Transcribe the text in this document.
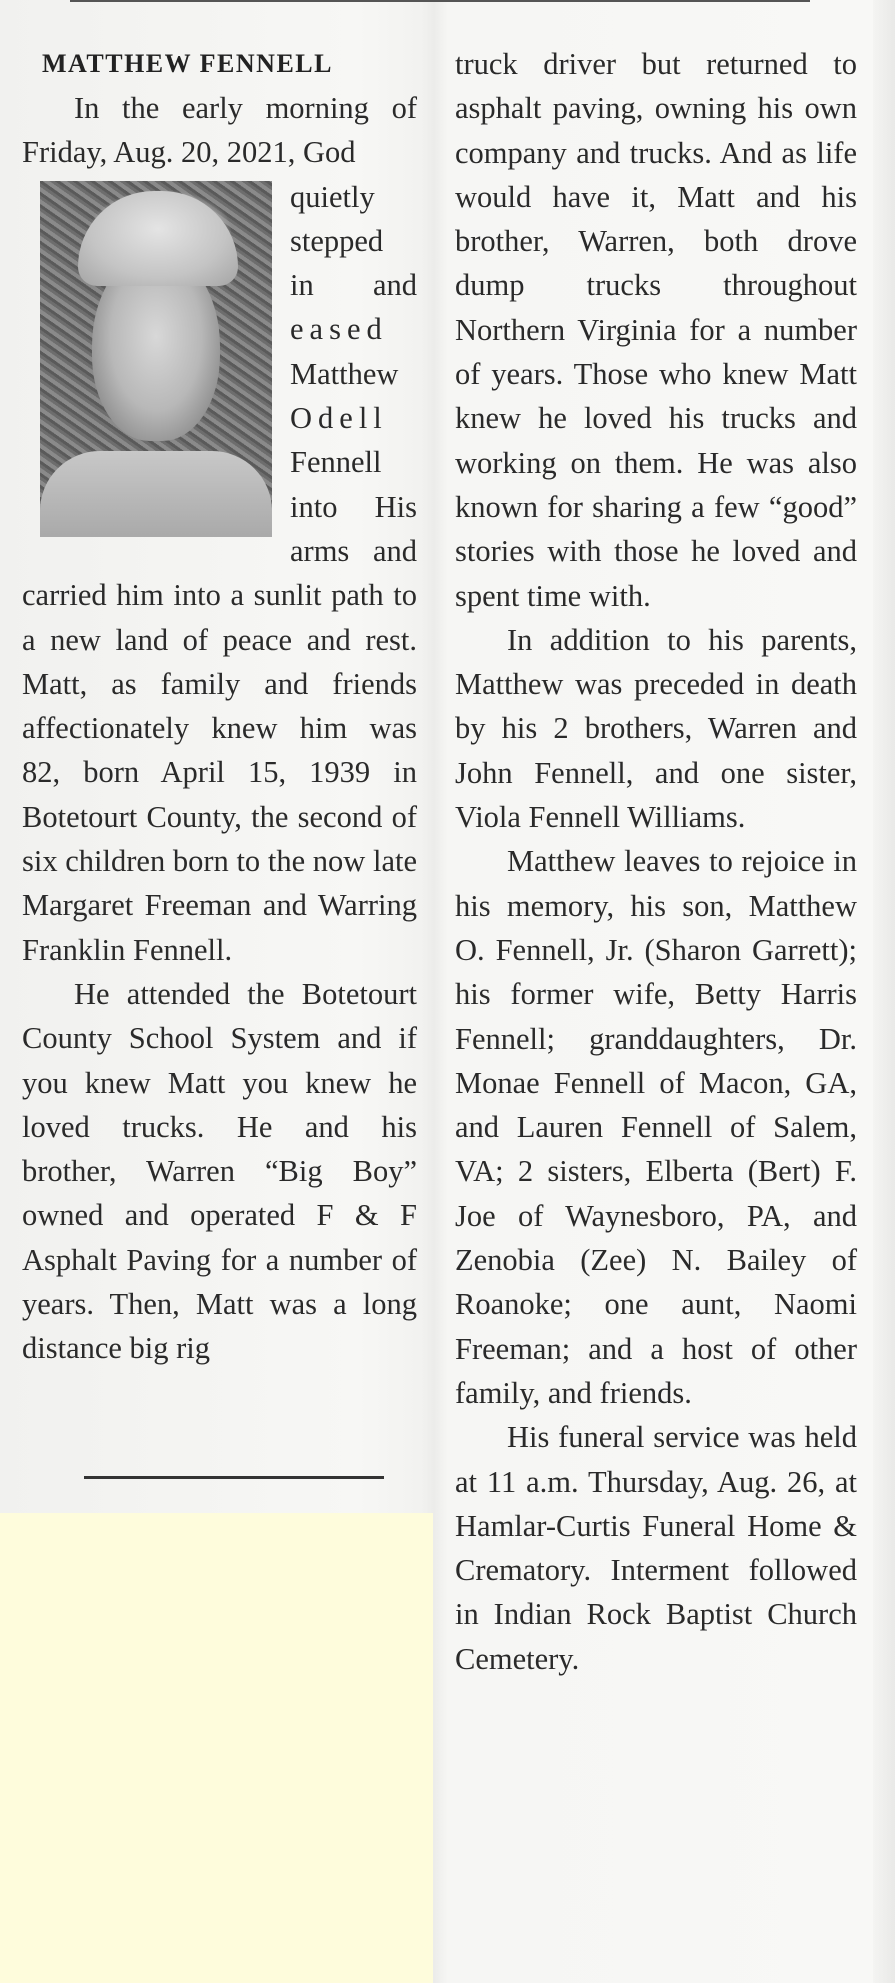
MATTHEW FENNELL

In the early morning of Friday, Aug. 20, 2021, God

quietly
stepped
in and
eased
Matthew
Odell
Fennell
into His
arms and

carried him into a sunlit path to a new land of peace and rest. Matt, as family and friends affectionately knew him was 82, born April 15, 1939 in Botetourt County, the second of six children born to the now late Margaret Freeman and Warring Franklin Fennell.

He attended the Botetourt County School System and if you knew Matt you knew he loved trucks. He and his brother, Warren “Big Boy” owned and operated F & F Asphalt Paving for a number of years. Then, Matt was a long distance big rig

truck driver but returned to asphalt paving, owning his own company and trucks. And as life would have it, Matt and his brother, Warren, both drove dump trucks throughout Northern Virginia for a number of years. Those who knew Matt knew he loved his trucks and working on them. He was also known for sharing a few “good” stories with those he loved and spent time with.

In addition to his parents, Matthew was preceded in death by his 2 brothers, Warren and John Fennell, and one sister, Viola Fennell Williams.

Matthew leaves to rejoice in his memory, his son, Matthew O. Fennell, Jr. (Sharon Garrett); his former wife, Betty Harris Fennell; granddaughters, Dr. Monae Fennell of Macon, GA, and Lauren Fennell of Salem, VA; 2 sisters, Elberta (Bert) F. Joe of Waynesboro, PA, and Zenobia (Zee) N. Bailey of Roanoke; one aunt, Naomi Freeman; and a host of other family, and friends.

His funeral service was held at 11 a.m. Thursday, Aug. 26, at Hamlar-Curtis Funeral Home & Crematory. Interment followed in Indian Rock Baptist Church Cemetery.
